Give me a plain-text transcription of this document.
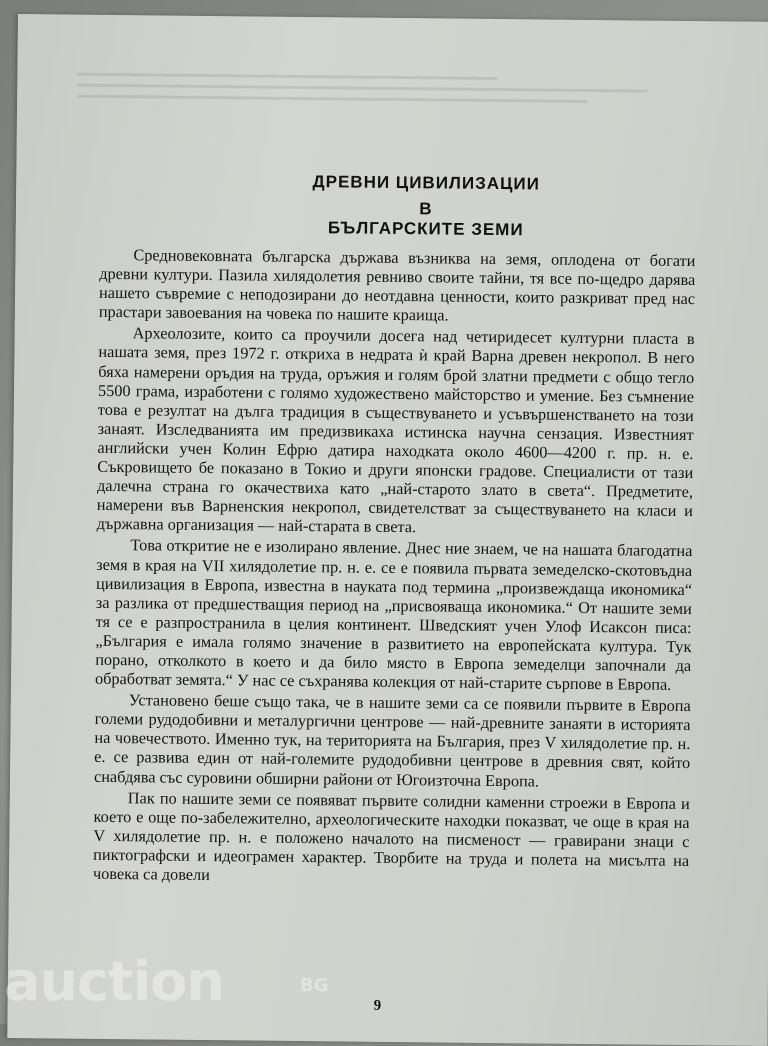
ДРЕВНИ ЦИВИЛИЗАЦИИ
В
БЪЛГАРСКИТЕ ЗЕМИ

Средновековната българска държава възниква на земя, оплодена от богати древни култури. Пазила хилядолетия ревниво своите тайни, тя все по-щедро дарява нашето съвремие с неподозирани до неотдавна ценности, които разкриват пред нас прастари завоевания на човека по нашите краища.

Археолозите, които са проучили досега над четиридесет културни пласта в нашата земя, през 1972 г. откриха в недрата ѝ край Варна древен некропол. В него бяха намерени оръдия на труда, оръжия и голям брой златни предмети с общо тегло 5500 грама, изработени с голямо художествено майсторство и умение. Без съмнение това е резултат на дълга традиция в съществуването и усъвършенстването на този занаят. Изследванията им предизвикаха истинска научна сензация. Известният английски учен Колин Ефрю датира находката около 4600—4200 г. пр. н. е. Съкровището бе показано в Токио и други японски градове. Специалисти от тази далечна страна го окачествиха като „най-старото злато в света“. Предметите, намерени във Варненския некропол, свидетелстват за съществуването на класи и държавна организация — най-старата в света.

Това откритие не е изолирано явление. Днес ние знаем, че на нашата благодатна земя в края на VII хилядолетие пр. н. е. се е появила първата земеделско-скотовъдна цивилизация в Европа, известна в науката под термина „произвеждаща икономика“ за разлика от предшестващия период на „присвояваща икономика.“ От нашите земи тя се е разпространила в целия континент. Шведският учен Улоф Исаксон писа: „България е имала голямо значение в развитието на европейската култура. Тук порано, отколкото в което и да било място в Европа земеделци започнали да обработват земята.“ У нас се съхранява колекция от най-старите сърпове в Европа.

Установено беше също така, че в нашите земи са се появили първите в Европа големи рудодобивни и металургични центрове — най-древните занаяти в историята на човечеството. Именно тук, на територията на България, през V хилядолетие пр. н. е. се развива един от най-големите рудодобивни центрове в древния свят, който снабдява със суровини обширни райони от Югоизточна Европа.

Пак по нашите земи се появяват първите солидни каменни строежи в Европа и което е още по-забележително, археологическите находки показват, че още в края на V хилядолетие пр. н. е положено началото на писменост — гравирани знаци с пиктографски и идеограмен характер. Творбите на труда и полета на мисълта на човека са довели

9
auction	BG
